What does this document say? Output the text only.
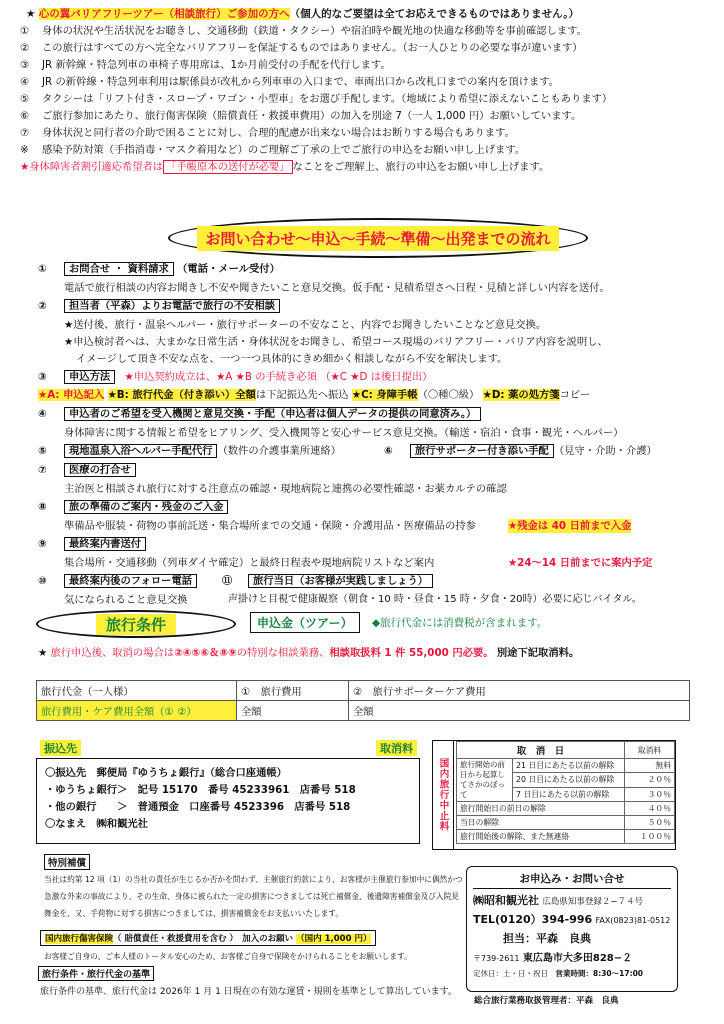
★ 心の翼バリアフリーツアー（相談旅行）ご参加の方へ（個人的なご要望は全てお応えできるものではありません。）
① 身体の状況や生活状況をお聴きし、交通移動（鉄道・タクシー）や宿泊時や観光地の快適な移動等を事前確認します。
② この旅行はすべての方へ完全なバリアフリーを保証するものではありません。（お一人ひとりの必要な事が違います）
③ JR 新幹線・特急列車の車椅子専用席は、1か月前受付の手配を代行します。
④ JR の新幹線・特急列車利用は駅係員が改札から列車車の入口まで、車両出口から改札口までの案内を頂けます。
⑤ タクシーは「リフト付き・スロープ・ワゴン・小型車」をお選び手配します。（地域により希望に添えないこともあります）
⑥ ご旅行参加にあたり、旅行傷害保険（賠償責任・救援車費用）の加入を別途 7（一人 1,000 円）お願いしています。
⑦ 身体状況と同行者の介助で困ることに対し、合理的配慮が出来ない場合はお断りする場合もあります。
※ 感染予防対策（手指消毒・マスク着用など）のご理解ご了承の上でご旅行の申込をお願い申し上げます。
★身体障害者割引適応希望者は 「手帳原本の送付が必要」 なことをご理解上、旅行の申込をお願い申し上げます。
お問い合わせ～申込～手続～準備～出発までの流れ
① お問合せ ・ 資料請求 （電話・メール受付）
電話で旅行相談の内容お聞きし不安や聞きたいこと意見交換。仮手配・見積希望さへ日程・見積と詳しい内容を送付。
② 担当者（平森）よりお電話で旅行の不安相談
★送付後、旅行・温泉ヘルパー・旅行サポーターの不安なこと、内容でお聞きしたいことなど意見交換。
★申込検討者へは、大まかな日常生活・身体状況をお聞きし、希望コース現場のバリアフリー・バリア内容を説明し、
イメージして頂き不安な点を、一つ一つ具体的にきめ細かく相談しながら不安を解決します。
③ 申込方法 ★申込契約成立は、★A ★B の手続き必須 （★C ★D は後日提出）
★A: 申込記入 ★B: 旅行代金（付き添い）全額は下記振込先へ振込 ★C: 身障手帳（〇種〇級） ★D: 薬の処方箋コピー
④ 申込者のご希望を受入機関と意見交換・手配（申込者は個人データの提供の同意済み。）
身体障害に関する情報と希望をヒアリング、受入機関等と安心サービス意見交換。（輸送・宿泊・食事・観光・ヘルパー）
⑤ 現地温泉入浴ヘルパー手配代行 （数件の介護事業所連絡）	⑥ 旅行サポーター付き添い手配 （見守・介助・介護）
⑦ 医療の打合せ
主治医と相談され旅行に対する注意点の確認・現地病院と連携の必要性確認・お薬カルテの確認
⑧ 旅の準備のご案内・残金のご入金
準備品や服装・荷物の事前託送・集合場所までの交通・保険・介護用品・医療備品の持参	★残金は 40 日前まで入金
⑨ 最終案内書送付
集合場所・交通移動（列車ダイヤ確定）と最終日程表や現地病院リストなど案内	★24～14 日前までに案内予定
⑩ 最終案内後のフォロー電話
気になられること意見交換
⑪ 旅行当日（お客様が実践しましょう）
声掛けと目視で健康観察（朝食・10 時・昼食・15 時・夕食・20時）必要に応じバイタル。
旅行条件	申込金（ツアー）	◆旅行代金には消費税が含まれます。
★ 旅行申込後、取消の場合は②④⑤⑥＆⑧⑨の特別な相談業務、相談取扱料 1 件 55,000 円必要。 別途下記取消料。
旅行代金（一人様）	①　旅行費用	②　旅行サポーターケア費用
旅行費用・ケア費用全額（① ②）	全額	全額
振込先	取消料
〇振込先　郵便局『ゆうちょ銀行』（総合口座通帳）
・ゆうちょ銀行＞　記号 15170　番号 45233961　店番号 518
・他の銀行　　＞　普通預金　口座番号 4523396　店番号 518
〇なまえ　㈱和観光社	国内旅行中止料
取　消　日		取消料
旅行開始の前日から起算してさかのぼって	21 日目にあたる以前の解除	無料
	20 日目にあたる以前の解除	２０％
	7 日目にあたる以前の解除	３０％
旅行開始日の前日の解除		４０％
当日の解除		５０％
旅行開始後の解除、また無連絡		１００％
特別補償
当社は約第 12 項（1）の当社の責任が生じるか否かを問わず、主催旅行約款により、お客様が主催旅行参加中に偶然かつ
急激な外来の事故により、その生命、身体に被られた一定の損害につきましては死亡補償金、後遺障害補償金及び入院見
舞金を、又、手荷物に対する損害につきましては、損害補償金をお支払いいたします。
国内旅行傷害保険（ 賠償責任・救援費用を含む ）　加入のお願い （国内 1,000 円）
お客様ご自身の、ご本人様のトータル安心のため、お客様ご自身で保険をかけられることをお願いします。
旅行条件・旅行代金の基準
旅行条件の基準、旅行代金は 2026年 1 月 1 日現在の有効な運賃・規則を基準として算出しています。
お申込み・お問い合せ
㈱昭和観光社 広島県知事登録２−７４号
TEL(0120）394-996 FAX(0823)81-0512
担当：平森　良典
〒739-2611 東広島市大多田828−２
定休日：土・日・祝日　 営業時間：8:30～17:00
総合旅行業務取扱管理者：平森　良典
